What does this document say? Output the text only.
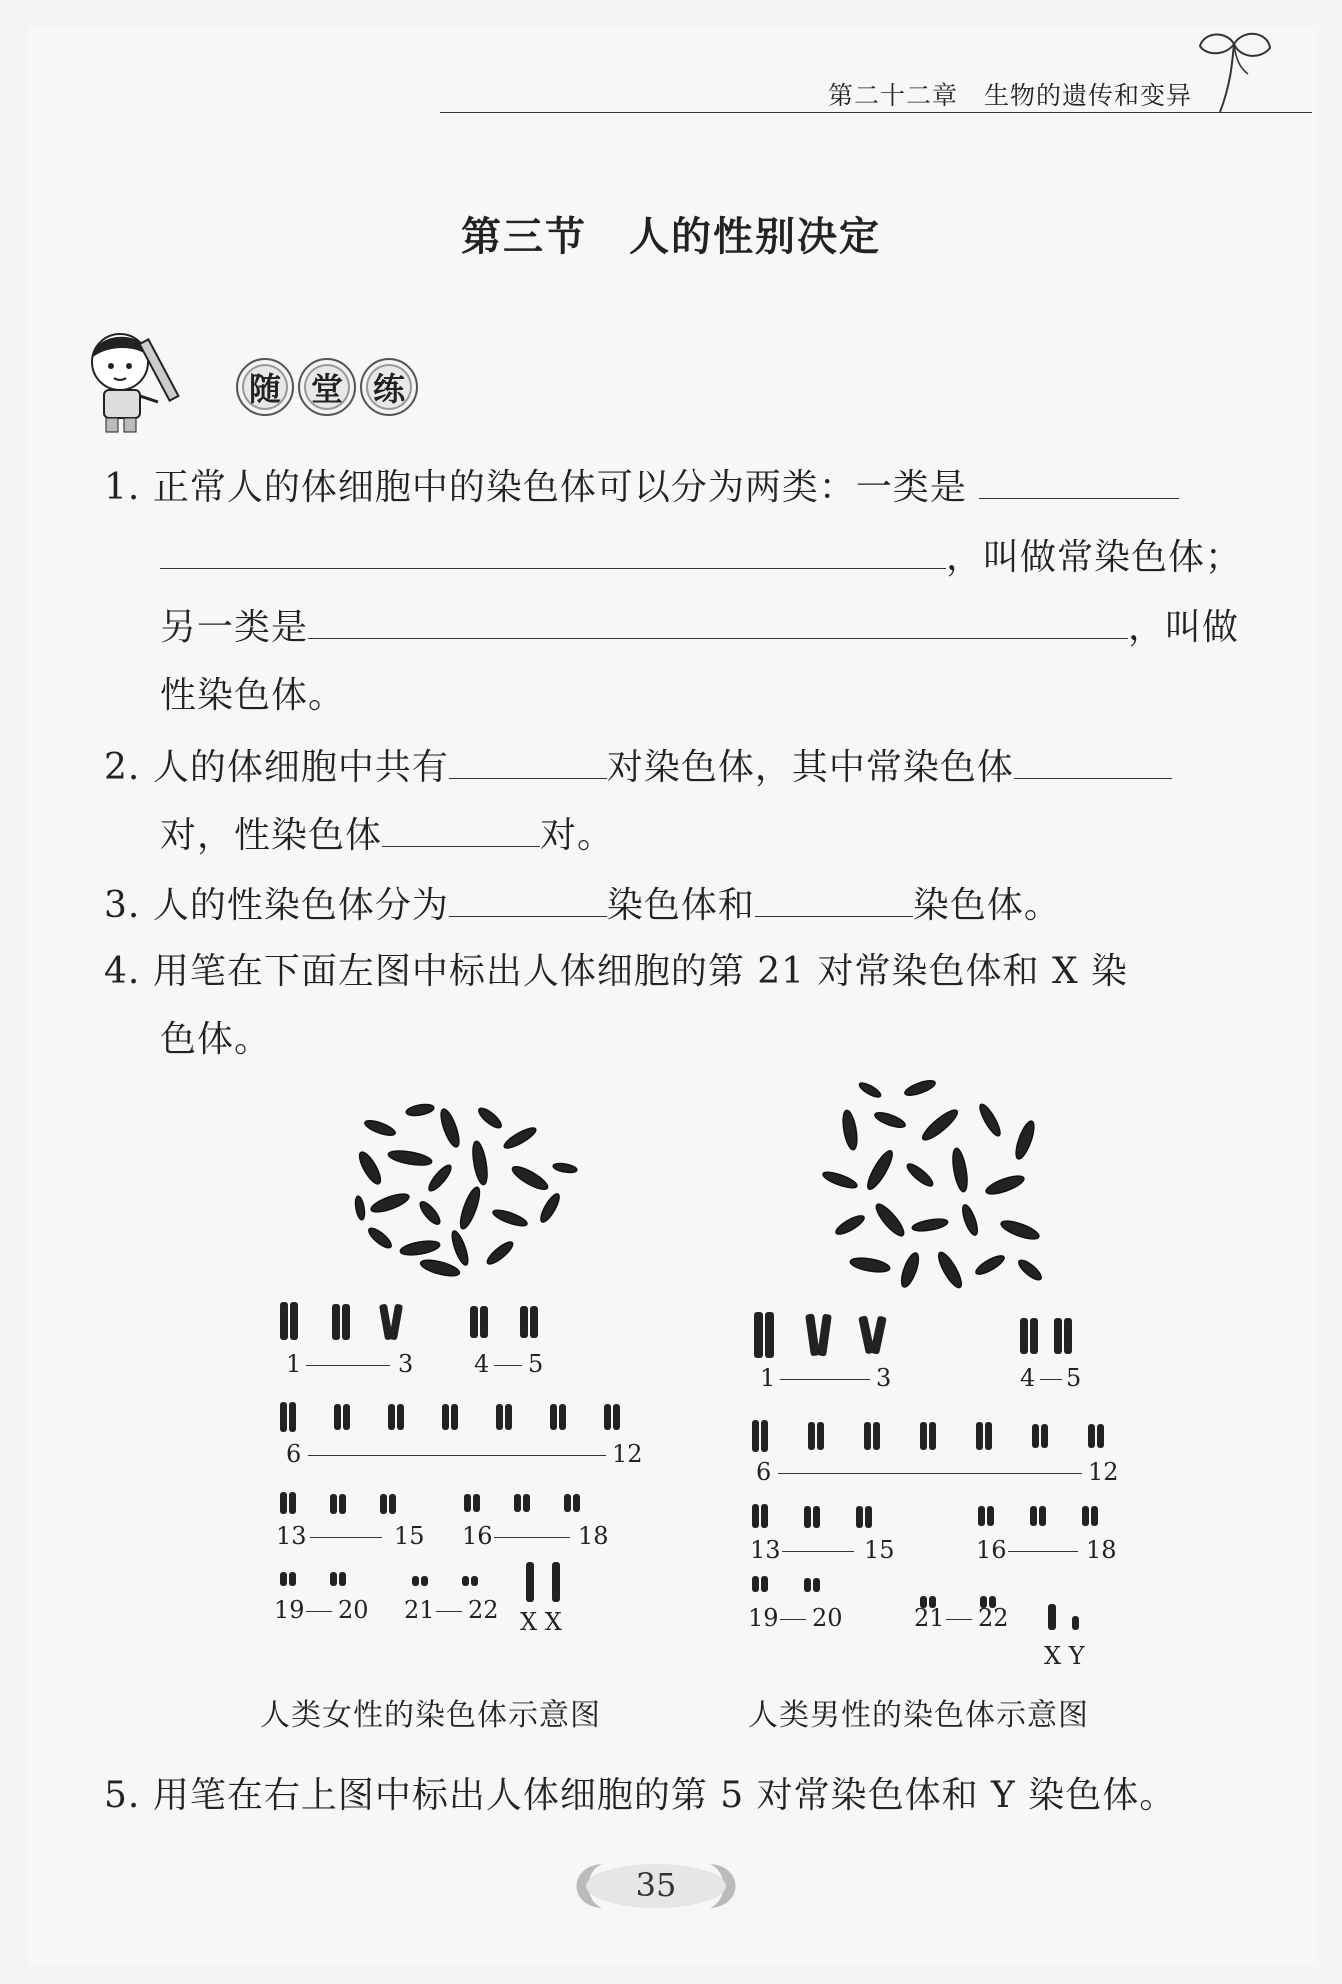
第二十二章　生物的遗传和变异
第三节　人的性别决定
随 堂 练
1. 正常人的体细胞中的染色体可以分为两类：一类是
，叫做常染色体；
另一类是	，叫做
性染色体。
2. 人的体细胞中共有	对染色体，其中常染色体
对，性染色体	对。
3. 人的性染色体分为	染色体和	染色体。
4. 用笔在下面左图中标出人体细胞的第 21 对常染色体和 X 染
色体。
1	3	4 5
6	12
13	15 16	18
19 20 21 22 X X
人类女性的染色体示意图
1	3	4 5
6	12
13	15	16	18
19 20	21 22
X Y
人类男性的染色体示意图
5. 用笔在右上图中标出人体细胞的第 5 对常染色体和 Y 染色体。
35
